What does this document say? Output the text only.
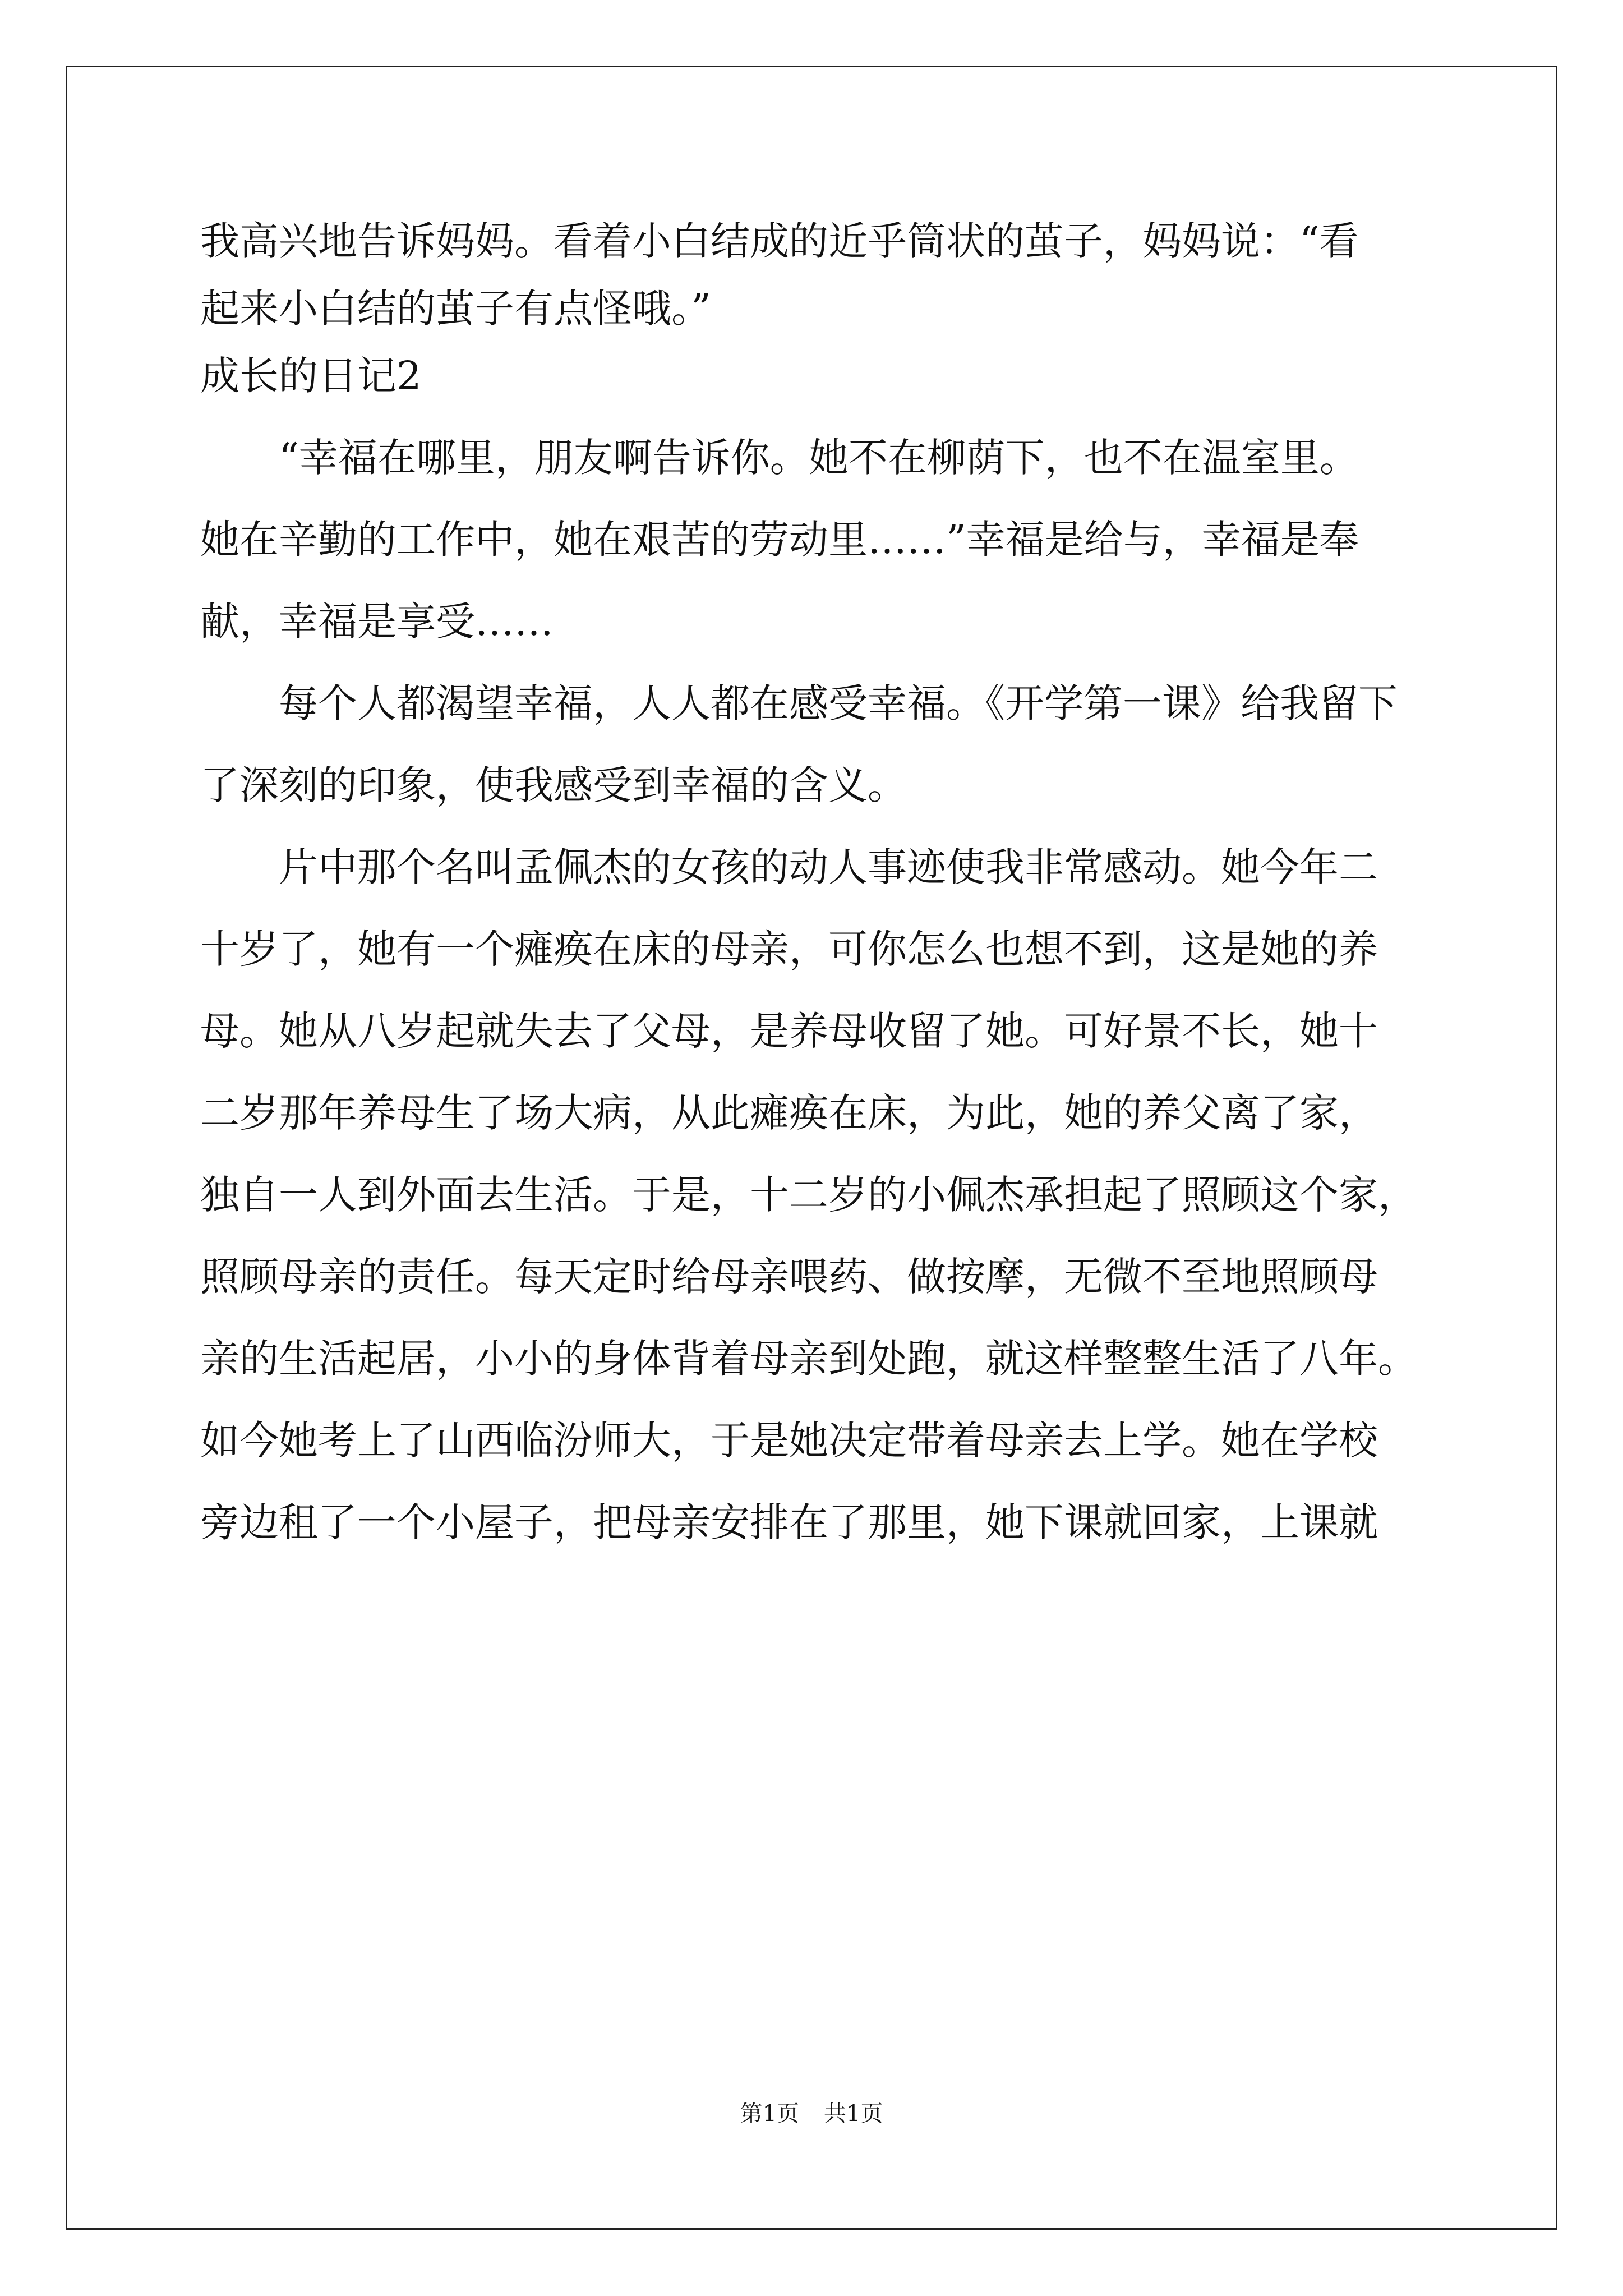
我高兴地告诉妈妈。看着小白结成的近乎筒状的茧子，妈妈说：“看
起来小白结的茧子有点怪哦。”
成长的日记2
“幸福在哪里，朋友啊告诉你。她不在柳荫下，也不在温室里。
她在辛勤的工作中，她在艰苦的劳动里……”幸福是给与，幸福是奉
献，幸福是享受……
每个人都渴望幸福，人人都在感受幸福。《开学第一课》给我留下
了深刻的印象，使我感受到幸福的含义。
片中那个名叫孟佩杰的女孩的动人事迹使我非常感动。她今年二
十岁了，她有一个瘫痪在床的母亲，可你怎么也想不到，这是她的养
母。她从八岁起就失去了父母，是养母收留了她。可好景不长，她十
二岁那年养母生了场大病，从此瘫痪在床，为此，她的养父离了家，
独自一人到外面去生活。于是，十二岁的小佩杰承担起了照顾这个家，
照顾母亲的责任。每天定时给母亲喂药、做按摩，无微不至地照顾母
亲的生活起居，小小的身体背着母亲到处跑，就这样整整生活了八年。
如今她考上了山西临汾师大，于是她决定带着母亲去上学。她在学校
旁边租了一个小屋子，把母亲安排在了那里，她下课就回家，上课就
第1页 共1页
